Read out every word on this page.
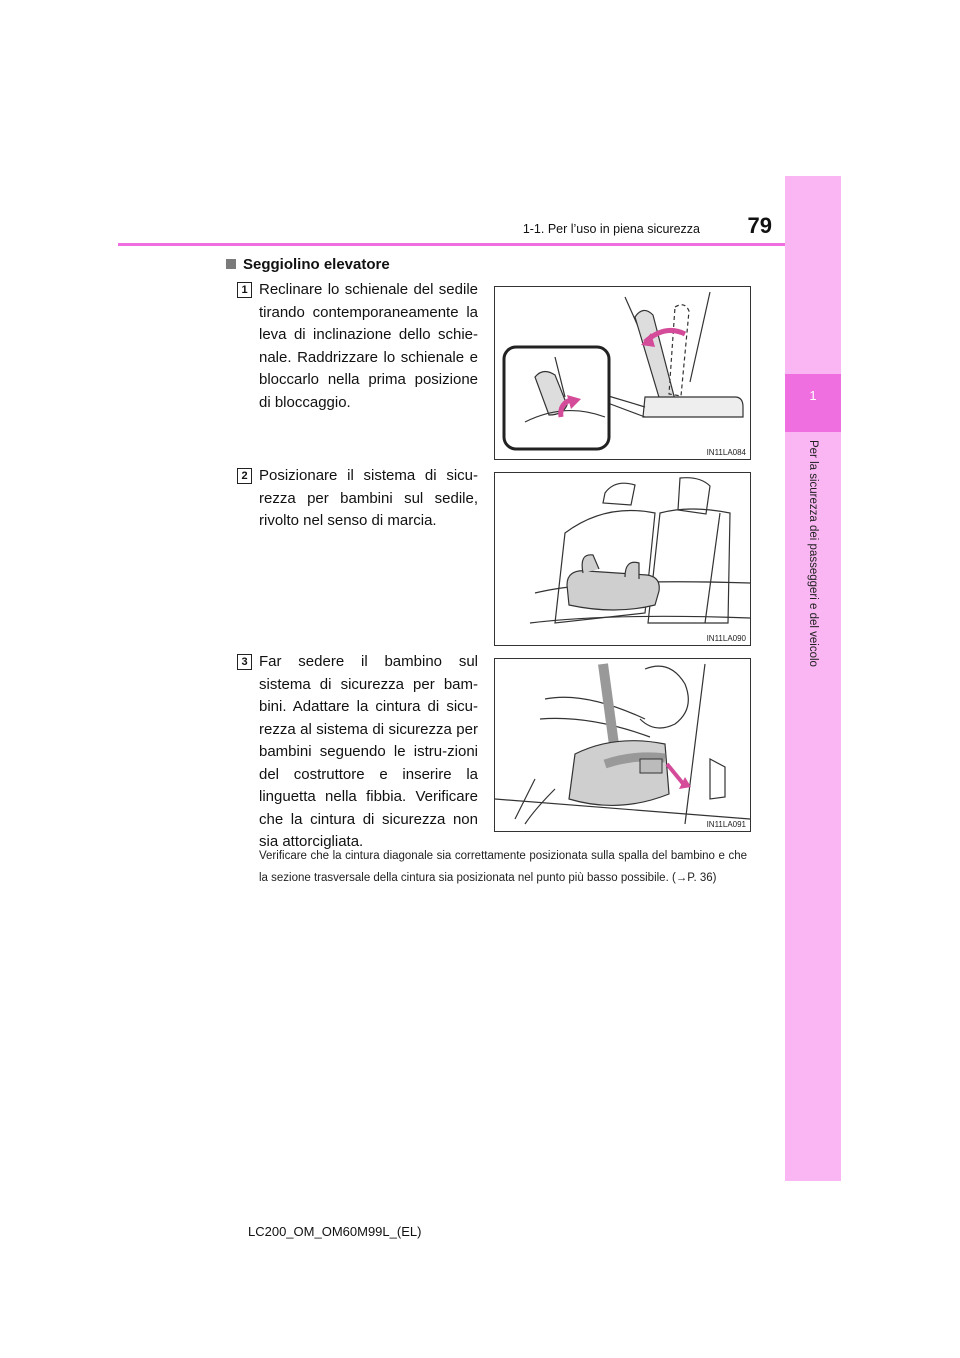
1
Per la sicurezza dei passeggeri e del veicolo
1-1. Per l’uso in piena sicurezza	79
Seggiolino elevatore
1 Reclinare lo schienale del sedile tirando contemporaneamente la leva di inclinazione dello schie-nale. Raddrizzare lo schienale e bloccarlo nella prima posizione di bloccaggio.
IN11LA084
2 Posizionare il sistema di sicu-rezza per bambini sul sedile, rivolto nel senso di marcia.
IN11LA090
3 Far sedere il bambino sul sistema di sicurezza per bam-bini. Adattare la cintura di sicu-rezza al sistema di sicurezza per bambini seguendo le istru-zioni del costruttore e inserire la linguetta nella fibbia. Verificare che la cintura di sicurezza non sia attorcigliata.
IN11LA091
Verificare che la cintura diagonale sia correttamente posizionata sulla spalla del bambino e che la sezione trasversale della cintura sia posizionata nel punto più basso possibile. (→P. 36)
LC200_OM_OM60M99L_(EL)
